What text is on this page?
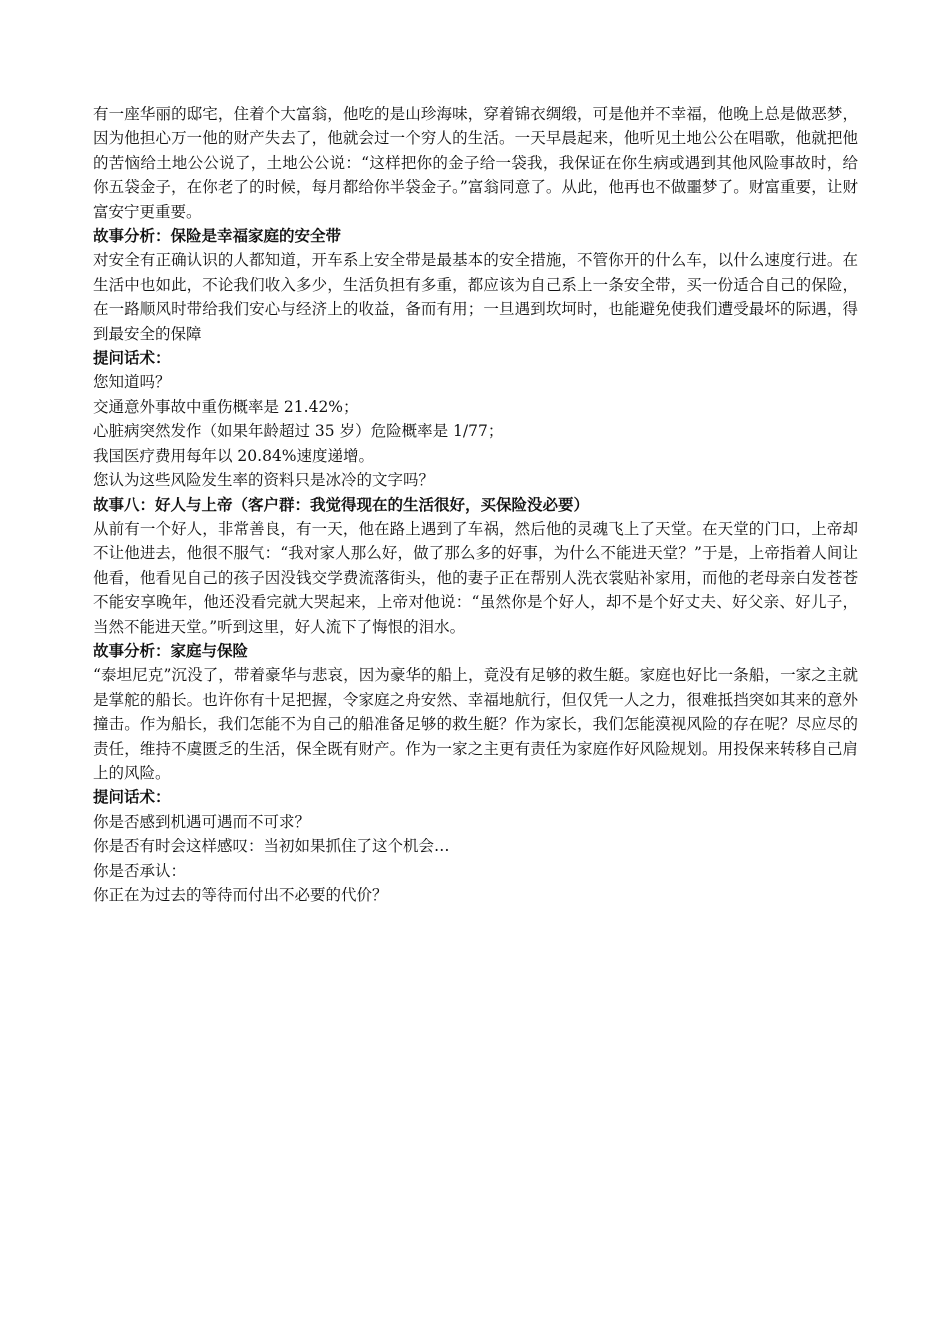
有一座华丽的邸宅，住着个大富翁，他吃的是山珍海味，穿着锦衣绸缎，可是他并不幸福，他晚上总是做恶梦，因为他担心万一他的财产失去了，他就会过一个穷人的生活。一天早晨起来，他听见土地公公在唱歌，他就把他的苦恼给土地公公说了，土地公公说：“这样把你的金子给一袋我，我保证在你生病或遇到其他风险事故时，给你五袋金子，在你老了的时候，每月都给你半袋金子。”富翁同意了。从此，他再也不做噩梦了。财富重要，让财富安宁更重要。

故事分析：保险是幸福家庭的安全带

对安全有正确认识的人都知道，开车系上安全带是最基本的安全措施，不管你开的什么车，以什么速度行进。在生活中也如此，不论我们收入多少，生活负担有多重，都应该为自己系上一条安全带，买一份适合自己的保险，在一路顺风时带给我们安心与经济上的收益，备而有用；一旦遇到坎坷时，也能避免使我们遭受最坏的际遇，得到最安全的保障

提问话术：

您知道吗？

交通意外事故中重伤概率是 21.42%；

心脏病突然发作（如果年龄超过 35 岁）危险概率是 1/77；

我国医疗费用每年以 20.84%速度递增。

您认为这些风险发生率的资料只是冰冷的文字吗？

故事八：好人与上帝（客户群：我觉得现在的生活很好，买保险没必要）

从前有一个好人，非常善良，有一天，他在路上遇到了车祸，然后他的灵魂飞上了天堂。在天堂的门口，上帝却不让他进去，他很不服气：“我对家人那么好，做了那么多的好事，为什么不能进天堂？”于是，上帝指着人间让他看，他看见自己的孩子因没钱交学费流落街头，他的妻子正在帮别人洗衣裳贴补家用，而他的老母亲白发苍苍不能安享晚年，他还没看完就大哭起来，上帝对他说：“虽然你是个好人，却不是个好丈夫、好父亲、好儿子，当然不能进天堂。”听到这里，好人流下了悔恨的泪水。

故事分析：家庭与保险

“泰坦尼克”沉没了，带着豪华与悲哀，因为豪华的船上，竟没有足够的救生艇。家庭也好比一条船，一家之主就是掌舵的船长。也许你有十足把握，令家庭之舟安然、幸福地航行，但仅凭一人之力，很难抵挡突如其来的意外撞击。作为船长，我们怎能不为自己的船准备足够的救生艇？作为家长，我们怎能漠视风险的存在呢？尽应尽的责任，维持不虞匮乏的生活，保全既有财产。作为一家之主更有责任为家庭作好风险规划。用投保来转移自己肩上的风险。

提问话术：

你是否感到机遇可遇而不可求？

你是否有时会这样感叹：当初如果抓住了这个机会…

你是否承认：

你正在为过去的等待而付出不必要的代价？
